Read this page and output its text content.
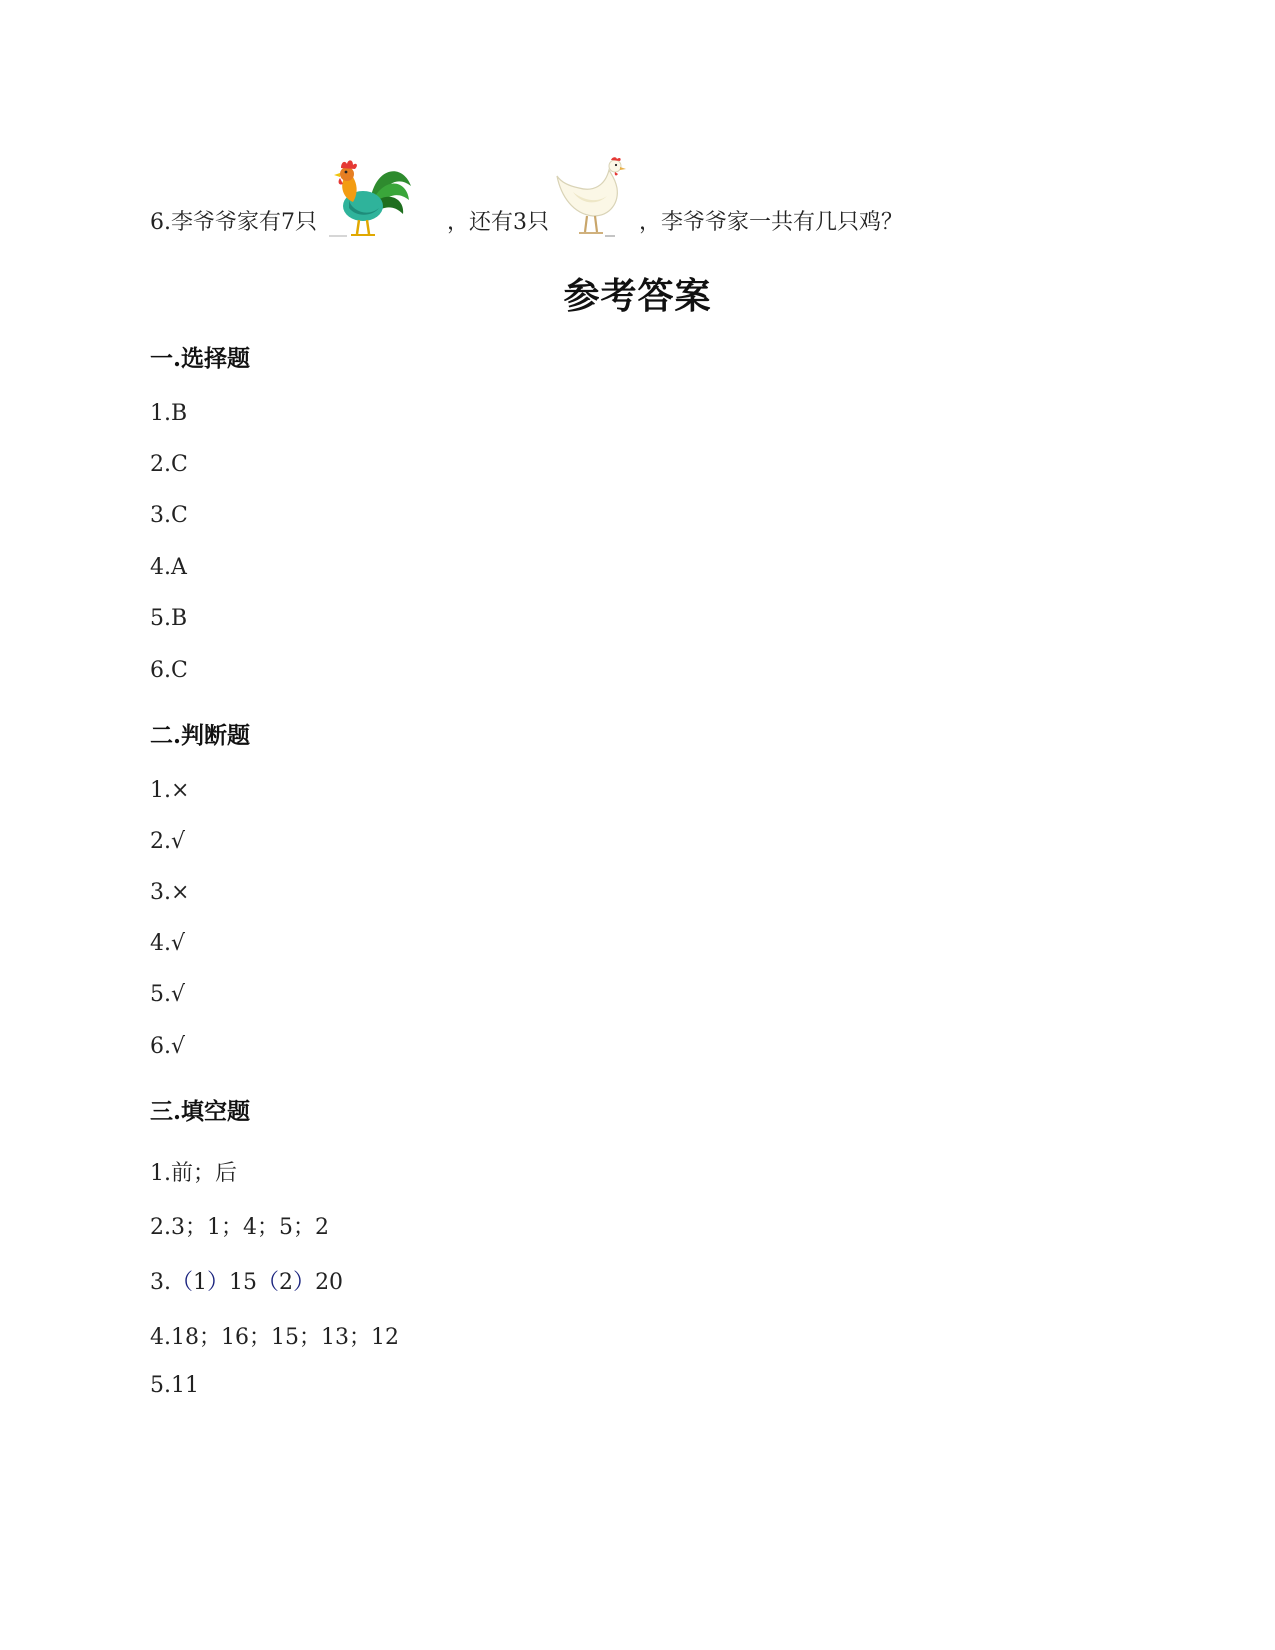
6.李爷爷家有7只	，还有3只	，李爷爷家一共有几只鸡？
参考答案
一.选择题
1.B
2.C
3.C
4.A
5.B
6.C
二.判断题
1.×
2.√
3.×
4.√
5.√
6.√
三.填空题
1.前；后
2.3；1；4；5；2
3.（1）15（2）20
4.18；16；15；13；12
5.11
